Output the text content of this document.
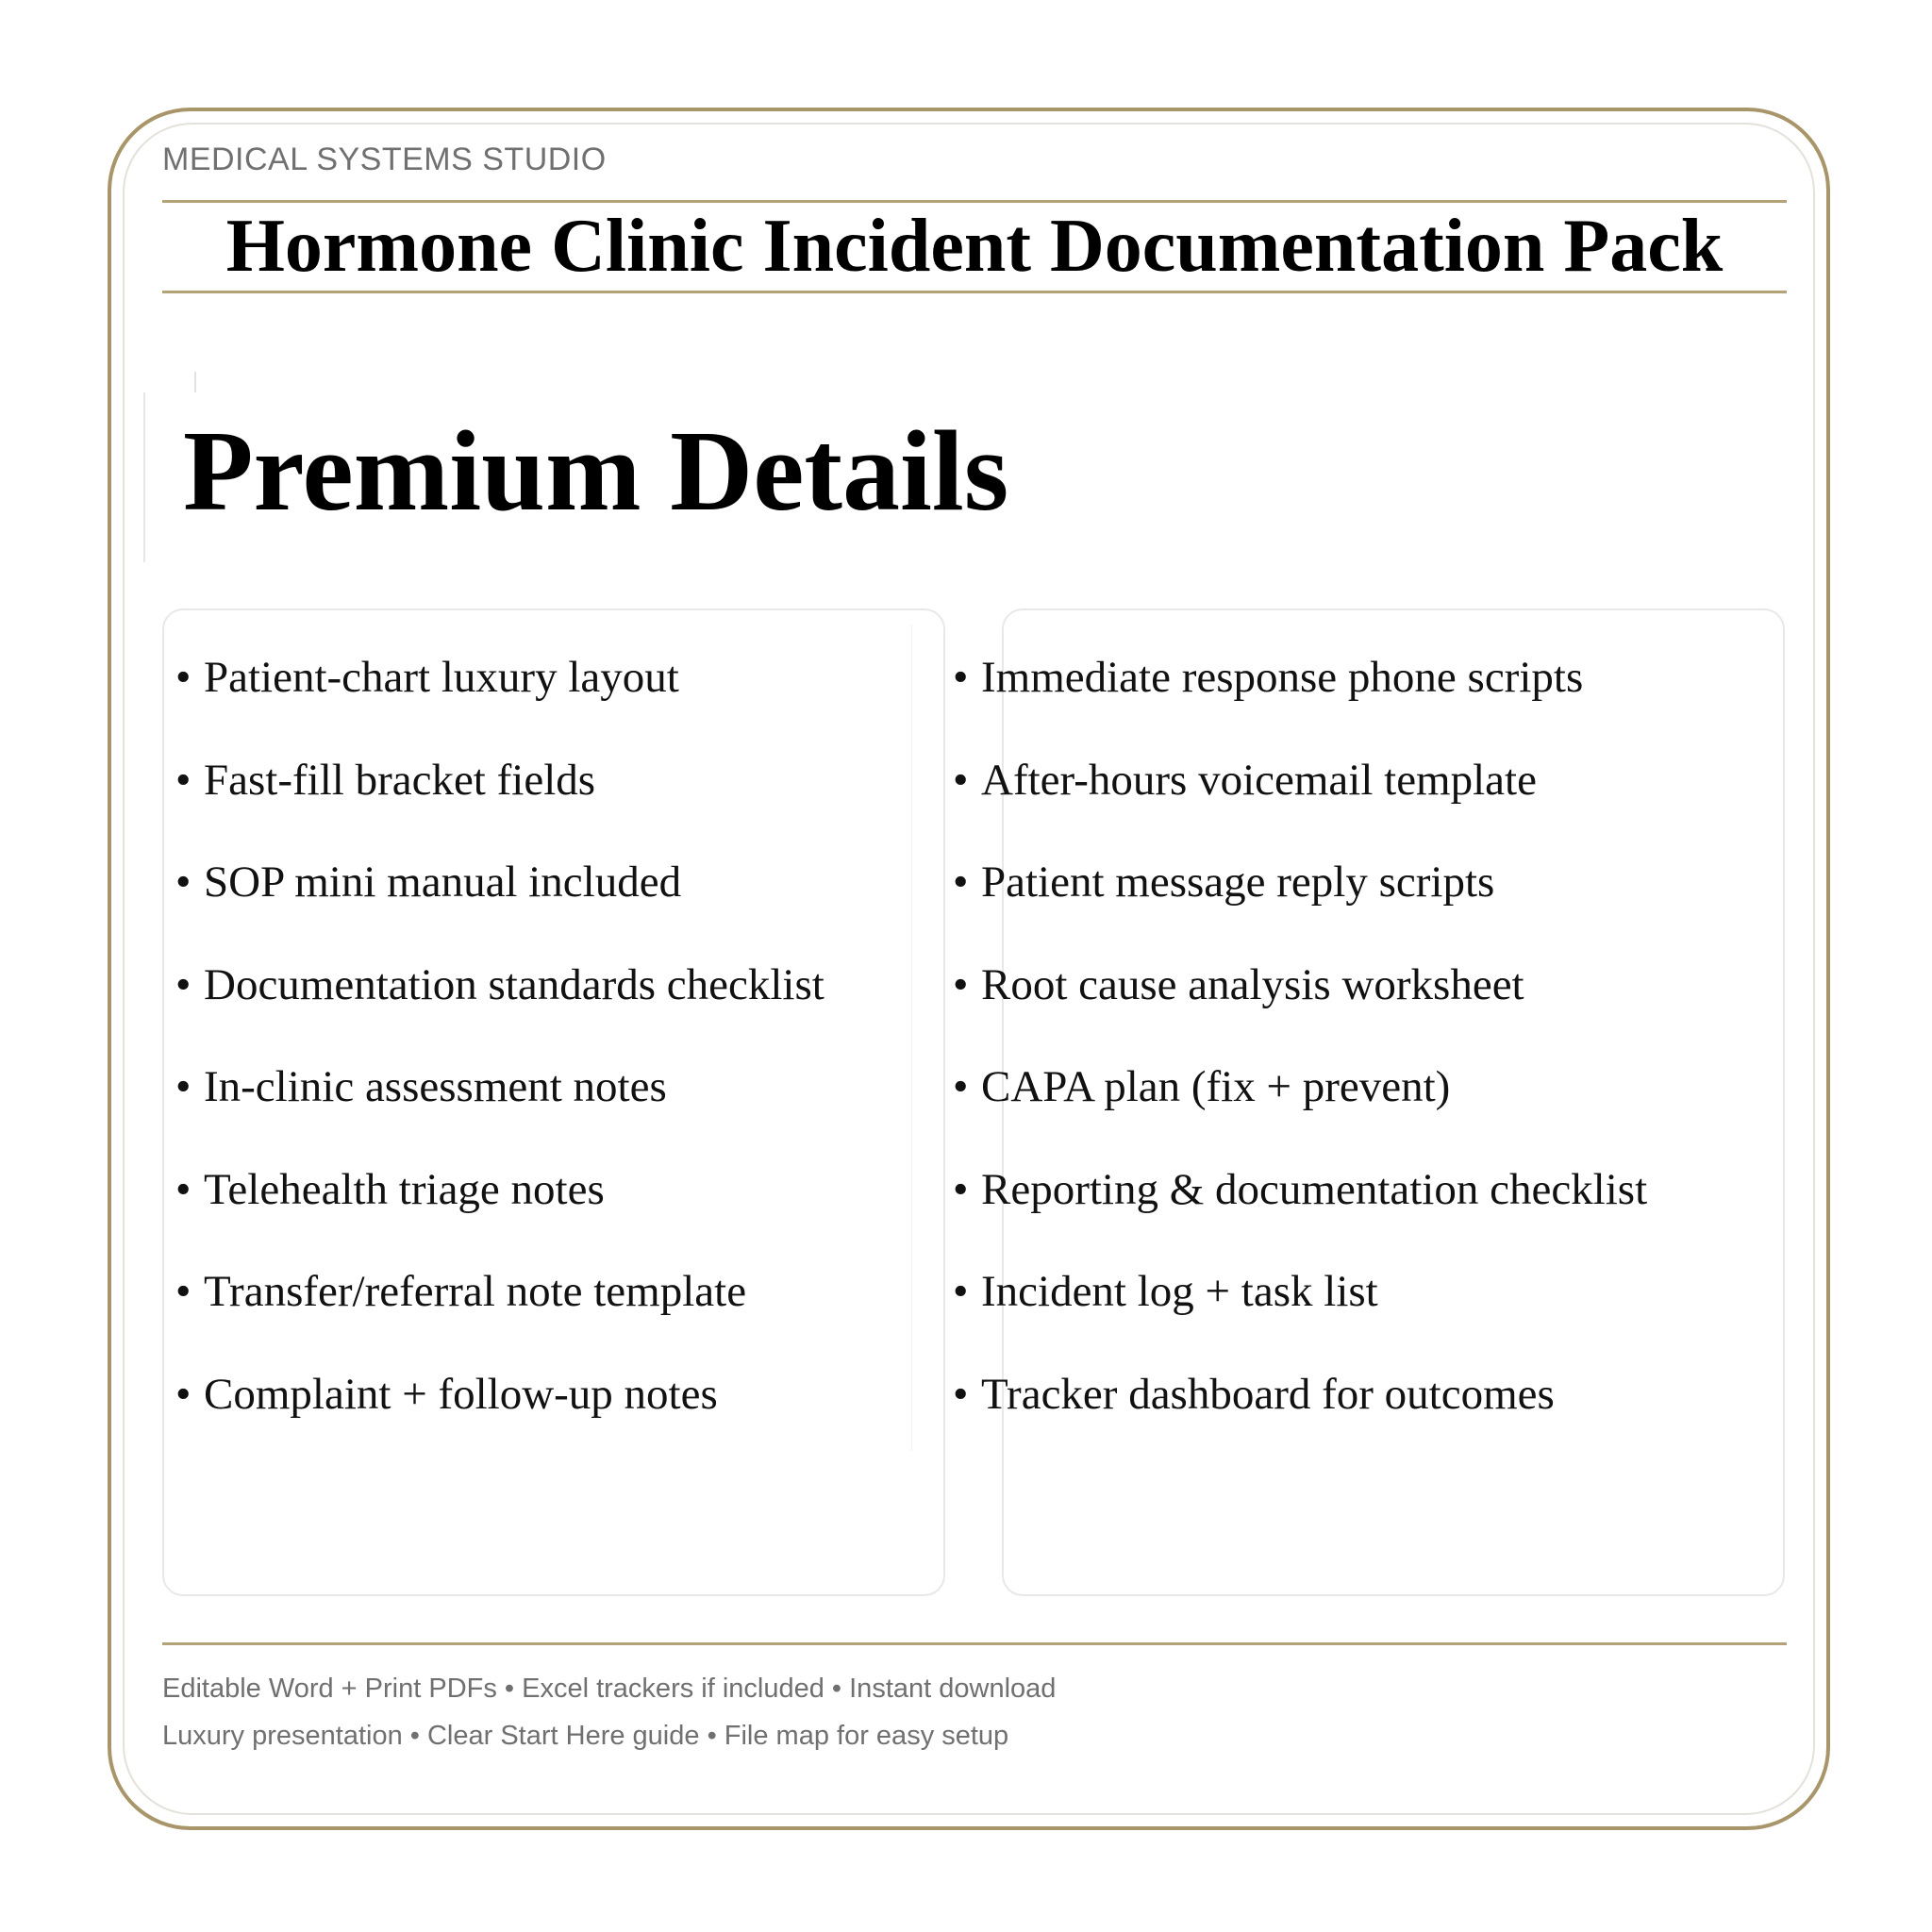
MEDICAL SYSTEMS STUDIO
Hormone Clinic Incident Documentation Pack
Premium Details
• Patient-chart luxury layout
• Fast-fill bracket fields
• SOP mini manual included
• Documentation standards checklist
• In-clinic assessment notes
• Telehealth triage notes
• Transfer/referral note template
• Complaint + follow-up notes
• Immediate response phone scripts
• After-hours voicemail template
• Patient message reply scripts
• Root cause analysis worksheet
• CAPA plan (fix + prevent)
• Reporting & documentation checklist
• Incident log + task list
• Tracker dashboard for outcomes
Editable Word + Print PDFs • Excel trackers if included • Instant download
Luxury presentation • Clear Start Here guide • File map for easy setup
